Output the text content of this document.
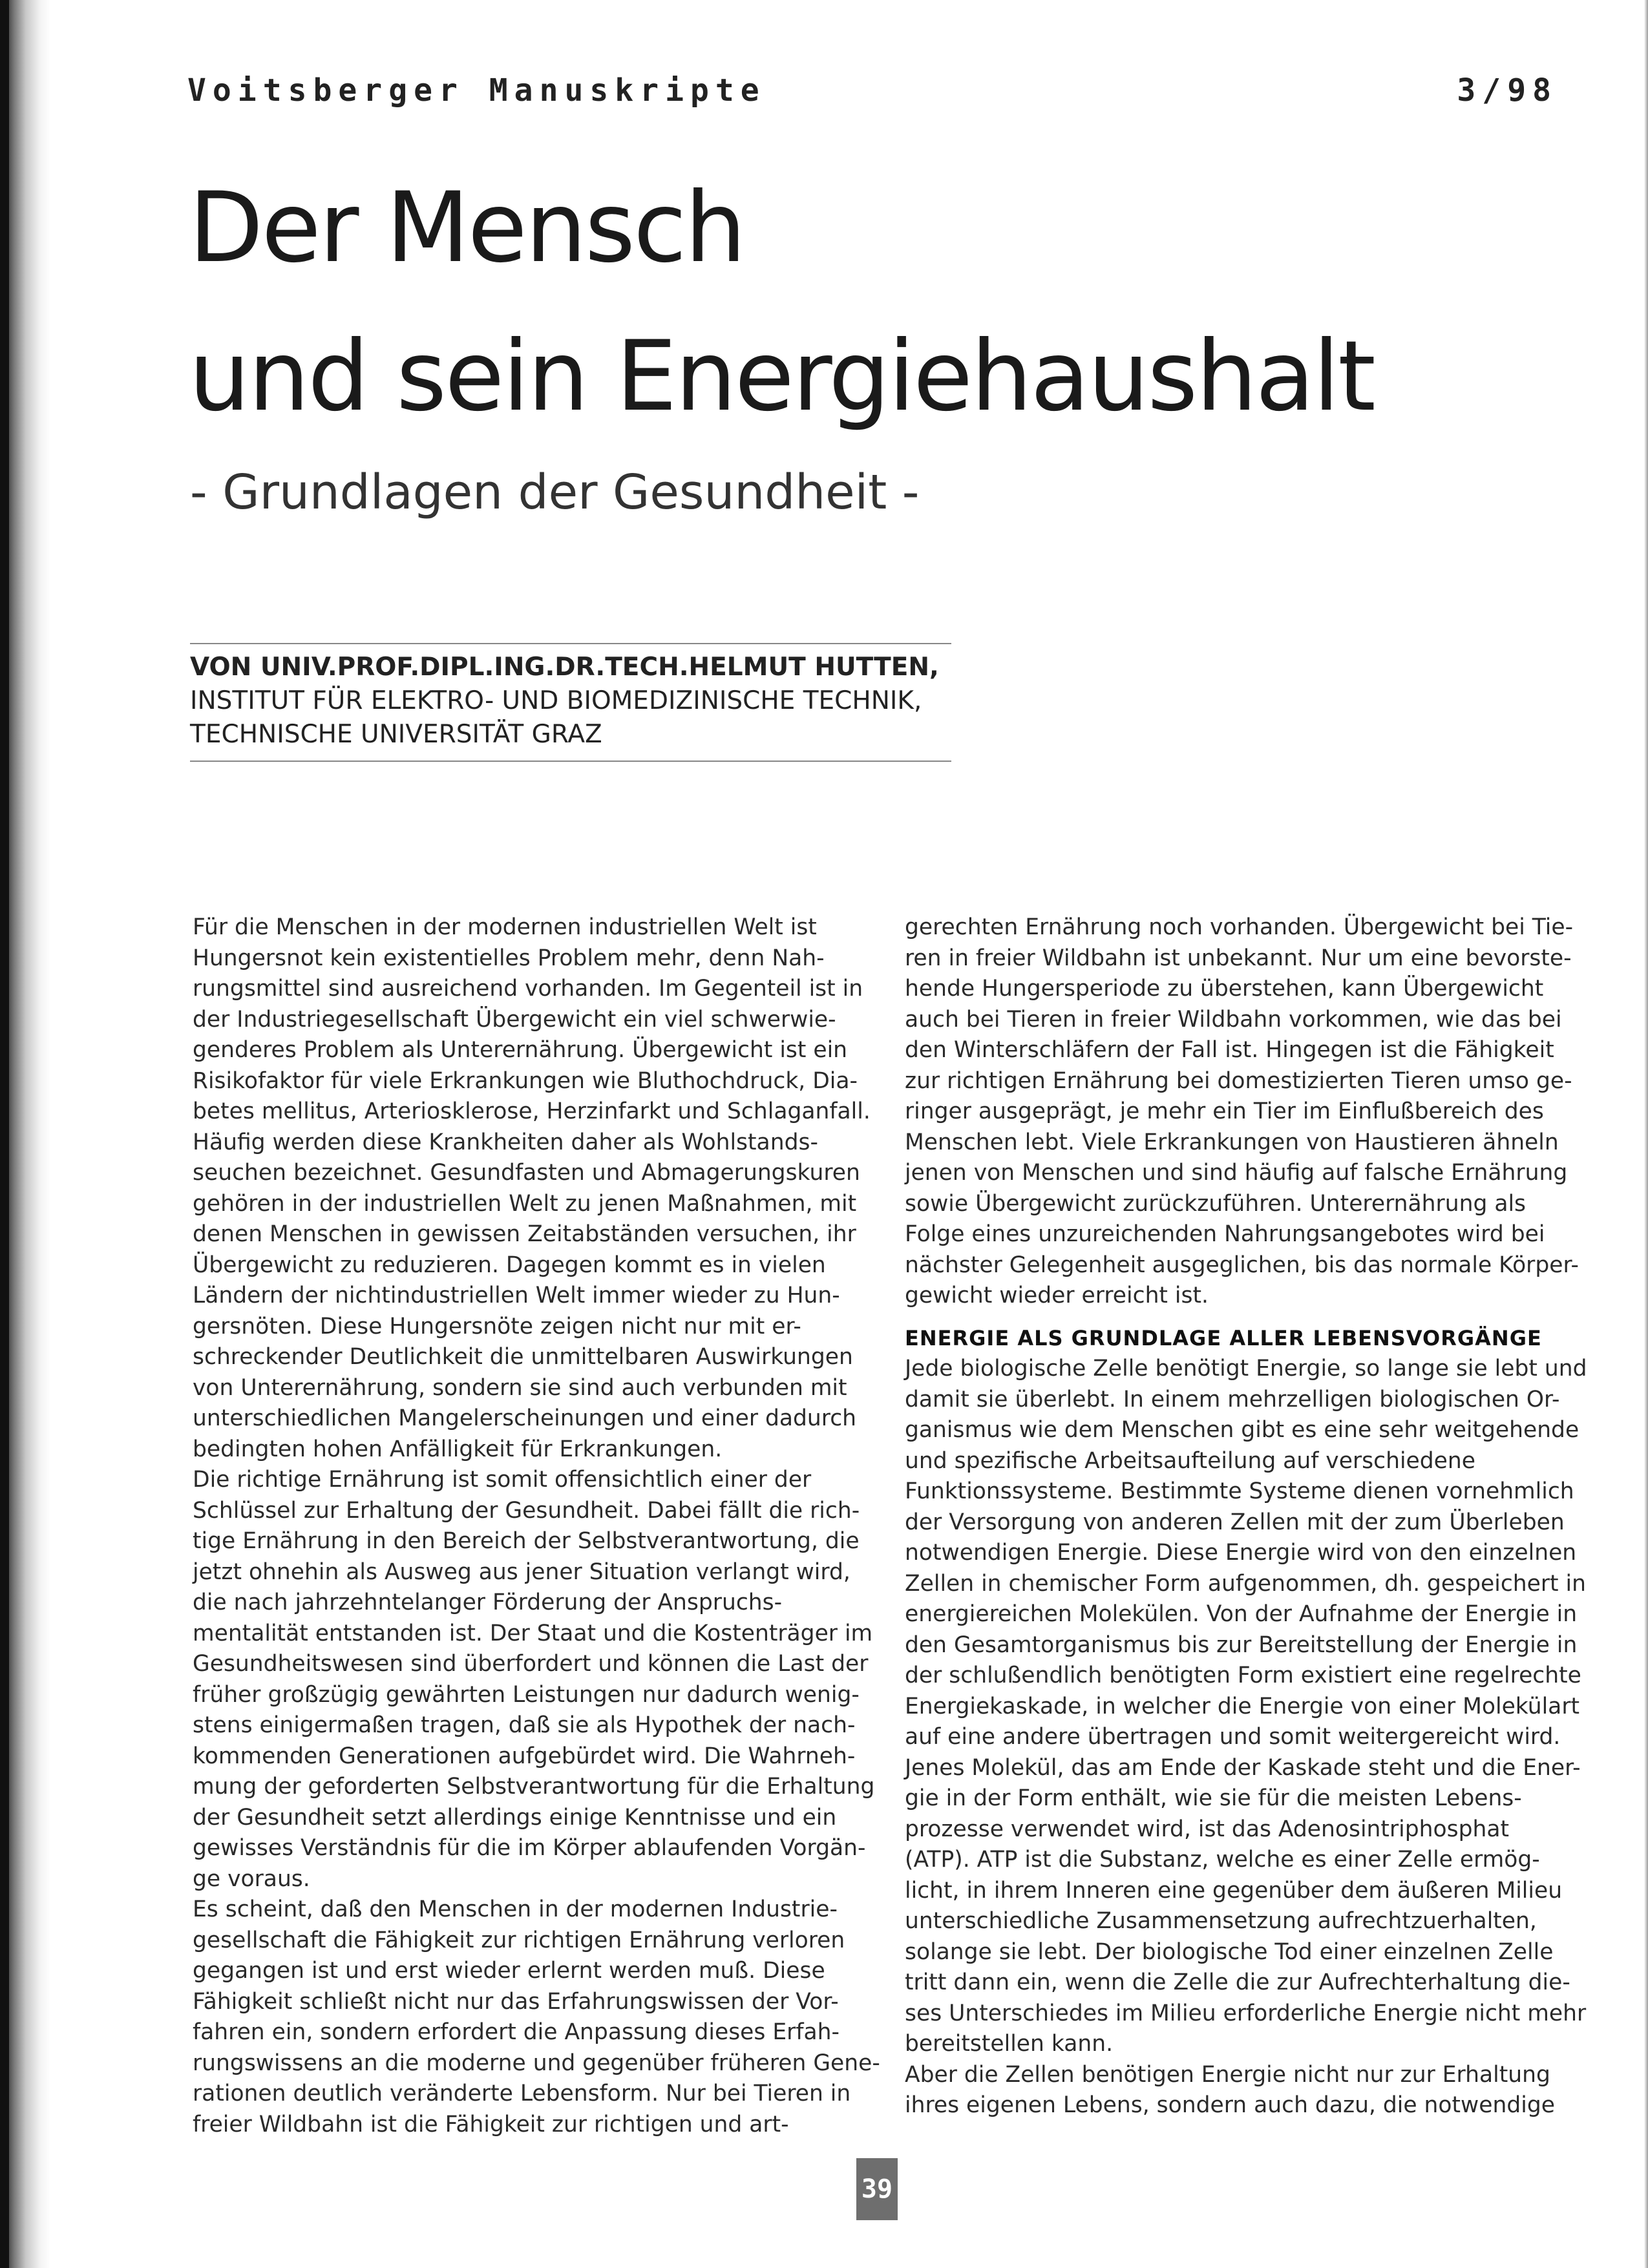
Voitsberger Manuskripte	3/98
Der Mensch
und sein Energiehaushalt
- Grundlagen der Gesundheit -
VON UNIV.PROF.DIPL.ING.DR.TECH.HELMUT HUTTEN,
INSTITUT FÜR ELEKTRO- UND BIOMEDIZINISCHE TECHNIK,
TECHNISCHE UNIVERSITÄT GRAZ
Für die Menschen in der modernen industriellen Welt ist
Hungersnot kein existentielles Problem mehr, denn Nah-
rungsmittel sind ausreichend vorhanden. Im Gegenteil ist in
der Industriegesellschaft Übergewicht ein viel schwerwie-
genderes Problem als Unterernährung. Übergewicht ist ein
Risikofaktor für viele Erkrankungen wie Bluthochdruck, Dia-
betes mellitus, Arteriosklerose, Herzinfarkt und Schlaganfall.
Häufig werden diese Krankheiten daher als Wohlstands-
seuchen bezeichnet. Gesundfasten und Abmagerungskuren
gehören in der industriellen Welt zu jenen Maßnahmen, mit
denen Menschen in gewissen Zeitabständen versuchen, ihr
Übergewicht zu reduzieren. Dagegen kommt es in vielen
Ländern der nichtindustriellen Welt immer wieder zu Hun-
gersnöten. Diese Hungersnöte zeigen nicht nur mit er-
schreckender Deutlichkeit die unmittelbaren Auswirkungen
von Unterernährung, sondern sie sind auch verbunden mit
unterschiedlichen Mangelerscheinungen und einer dadurch
bedingten hohen Anfälligkeit für Erkrankungen.
Die richtige Ernährung ist somit offensichtlich einer der
Schlüssel zur Erhaltung der Gesundheit. Dabei fällt die rich-
tige Ernährung in den Bereich der Selbstverantwortung, die
jetzt ohnehin als Ausweg aus jener Situation verlangt wird,
die nach jahrzehntelanger Förderung der Anspruchs-
mentalität entstanden ist. Der Staat und die Kostenträger im
Gesundheitswesen sind überfordert und können die Last der
früher großzügig gewährten Leistungen nur dadurch wenig-
stens einigermaßen tragen, daß sie als Hypothek der nach-
kommenden Generationen aufgebürdet wird. Die Wahrneh-
mung der geforderten Selbstverantwortung für die Erhaltung
der Gesundheit setzt allerdings einige Kenntnisse und ein
gewisses Verständnis für die im Körper ablaufenden Vorgän-
ge voraus.
Es scheint, daß den Menschen in der modernen Industrie-
gesellschaft die Fähigkeit zur richtigen Ernährung verloren
gegangen ist und erst wieder erlernt werden muß. Diese
Fähigkeit schließt nicht nur das Erfahrungswissen der Vor-
fahren ein, sondern erfordert die Anpassung dieses Erfah-
rungswissens an die moderne und gegenüber früheren Gene-
rationen deutlich veränderte Lebensform. Nur bei Tieren in
freier Wildbahn ist die Fähigkeit zur richtigen und art-
gerechten Ernährung noch vorhanden. Übergewicht bei Tie-
ren in freier Wildbahn ist unbekannt. Nur um eine bevorste-
hende Hungersperiode zu überstehen, kann Übergewicht
auch bei Tieren in freier Wildbahn vorkommen, wie das bei
den Winterschläfern der Fall ist. Hingegen ist die Fähigkeit
zur richtigen Ernährung bei domestizierten Tieren umso ge-
ringer ausgeprägt, je mehr ein Tier im Einflußbereich des
Menschen lebt. Viele Erkrankungen von Haustieren ähneln
jenen von Menschen und sind häufig auf falsche Ernährung
sowie Übergewicht zurückzuführen. Unterernährung als
Folge eines unzureichenden Nahrungsangebotes wird bei
nächster Gelegenheit ausgeglichen, bis das normale Körper-
gewicht wieder erreicht ist.
ENERGIE ALS GRUNDLAGE ALLER LEBENSVORGÄNGE
Jede biologische Zelle benötigt Energie, so lange sie lebt und
damit sie überlebt. In einem mehrzelligen biologischen Or-
ganismus wie dem Menschen gibt es eine sehr weitgehende
und spezifische Arbeitsaufteilung auf verschiedene
Funktionssysteme. Bestimmte Systeme dienen vornehmlich
der Versorgung von anderen Zellen mit der zum Überleben
notwendigen Energie. Diese Energie wird von den einzelnen
Zellen in chemischer Form aufgenommen, dh. gespeichert in
energiereichen Molekülen. Von der Aufnahme der Energie in
den Gesamtorganismus bis zur Bereitstellung der Energie in
der schlußendlich benötigten Form existiert eine regelrechte
Energiekaskade, in welcher die Energie von einer Molekülart
auf eine andere übertragen und somit weitergereicht wird.
Jenes Molekül, das am Ende der Kaskade steht und die Ener-
gie in der Form enthält, wie sie für die meisten Lebens-
prozesse verwendet wird, ist das Adenosintriphosphat
(ATP). ATP ist die Substanz, welche es einer Zelle ermög-
licht, in ihrem Inneren eine gegenüber dem äußeren Milieu
unterschiedliche Zusammensetzung aufrechtzuerhalten,
solange sie lebt. Der biologische Tod einer einzelnen Zelle
tritt dann ein, wenn die Zelle die zur Aufrechterhaltung die-
ses Unterschiedes im Milieu erforderliche Energie nicht mehr
bereitstellen kann.
Aber die Zellen benötigen Energie nicht nur zur Erhaltung
ihres eigenen Lebens, sondern auch dazu, die notwendige
39
